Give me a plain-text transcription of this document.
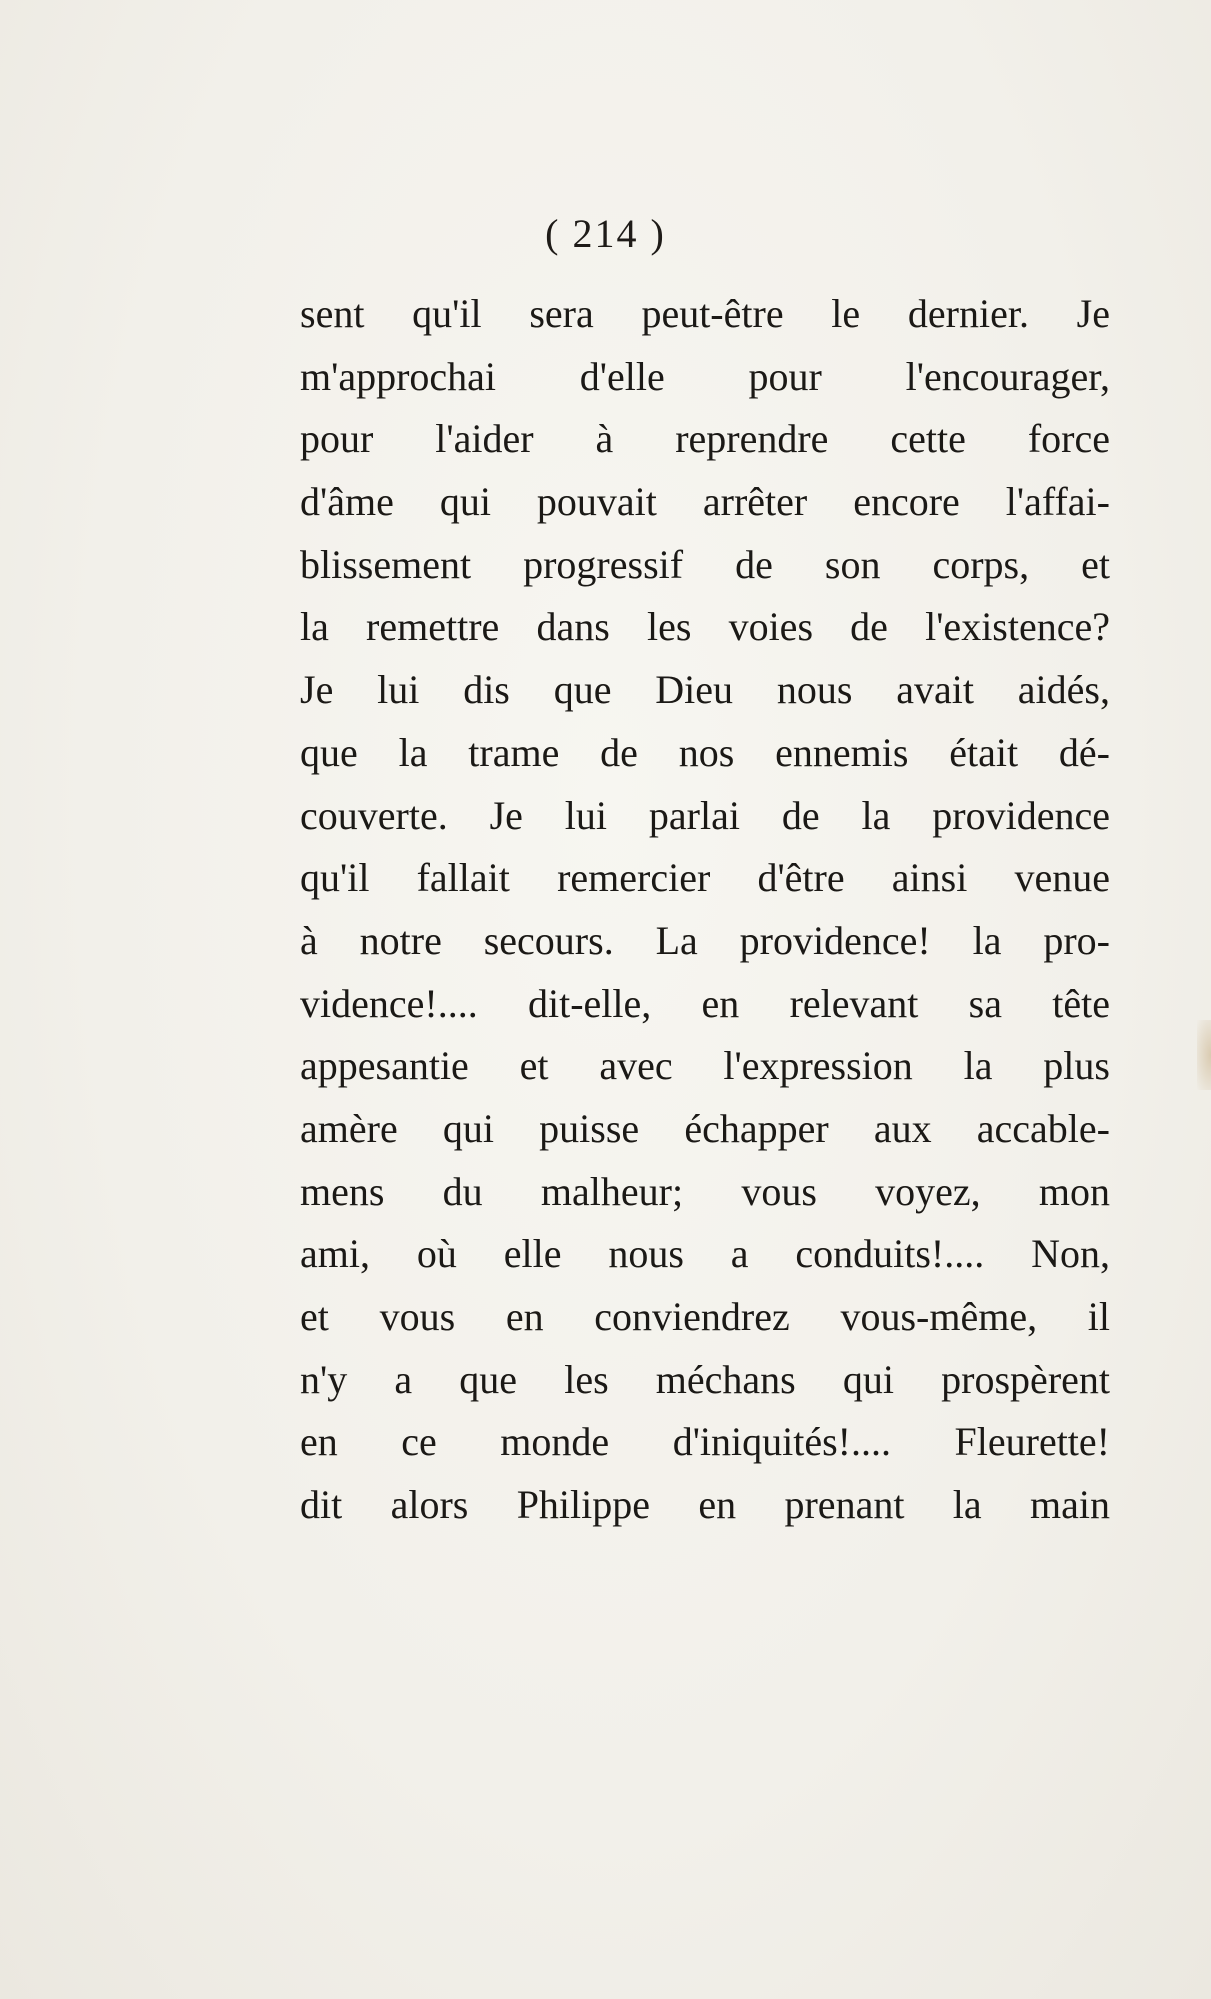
( 214 )
sent qu'il sera peut-être le dernier. Je
m'approchai d'elle pour l'encourager,
pour l'aider à reprendre cette force
d'âme qui pouvait arrêter encore l'affai-
blissement progressif de son corps, et
la remettre dans les voies de l'existence?
Je lui dis que Dieu nous avait aidés,
que la trame de nos ennemis était dé-
couverte. Je lui parlai de la providence
qu'il fallait remercier d'être ainsi venue
à notre secours. La providence! la pro-
vidence!.... dit-elle, en relevant sa tête
appesantie et avec l'expression la plus
amère qui puisse échapper aux accable-
mens du malheur; vous voyez, mon
ami, où elle nous a conduits!.... Non,
et vous en conviendrez vous-même, il
n'y a que les méchans qui prospèrent
en ce monde d'iniquités!.... Fleurette!
dit alors Philippe en prenant la main
